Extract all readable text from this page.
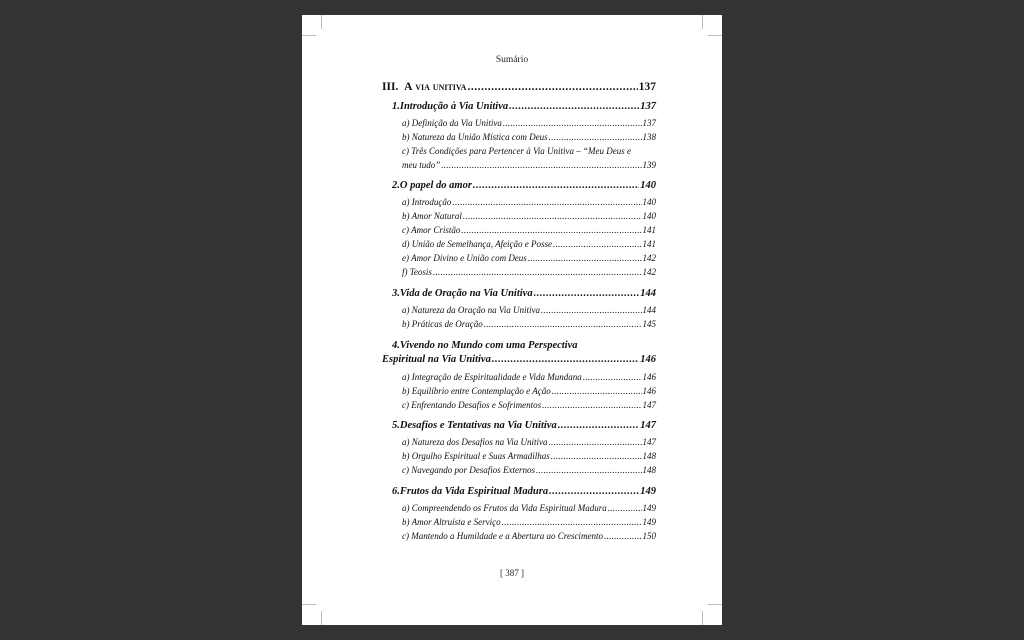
Sumário
III. A via unitiva .....	137
1.Introdução à Via Unitiva .....	137
a) Definição da Via Unitiva .....	137
b) Natureza da União Mística com Deus .....	138
c) Três Condições para Pertencer à Via Unitiva – “Meu Deus e
meu tudo” .....	139
2.O papel do amor .....	140
a) Introdução .....	140
b) Amor Natural .....	140
c) Amor Cristão .....	141
d) União de Semelhança, Afeição e Posse .....	141
e) Amor Divino e União com Deus .....	142
f) Teosis .....	142
3.Vida de Oração na Via Unitiva .....	144
a) Natureza da Oração na Via Unitiva .....	144
b) Práticas de Oração .....	145
4.Vivendo no Mundo com uma Perspectiva
Espiritual na Via Unitiva .....	146
a) Integração de Espiritualidade e Vida Mundana .....	146
b) Equilíbrio entre Contemplação e Ação .....	146
c) Enfrentando Desafios e Sofrimentos .....	147
5.Desafios e Tentativas na Via Unitiva .....	147
a) Natureza dos Desafios na Via Unitiva .....	147
b) Orgulho Espiritual e Suas Armadilhas .....	148
c) Navegando por Desafios Externos .....	148
6.Frutos da Vida Espiritual Madura .....	149
a) Compreendendo os Frutos da Vida Espiritual Madura .....	149
b) Amor Altruísta e Serviço .....	149
c) Mantendo a Humildade e a Abertura ao Crescimento .....	150
[ 387 ]
